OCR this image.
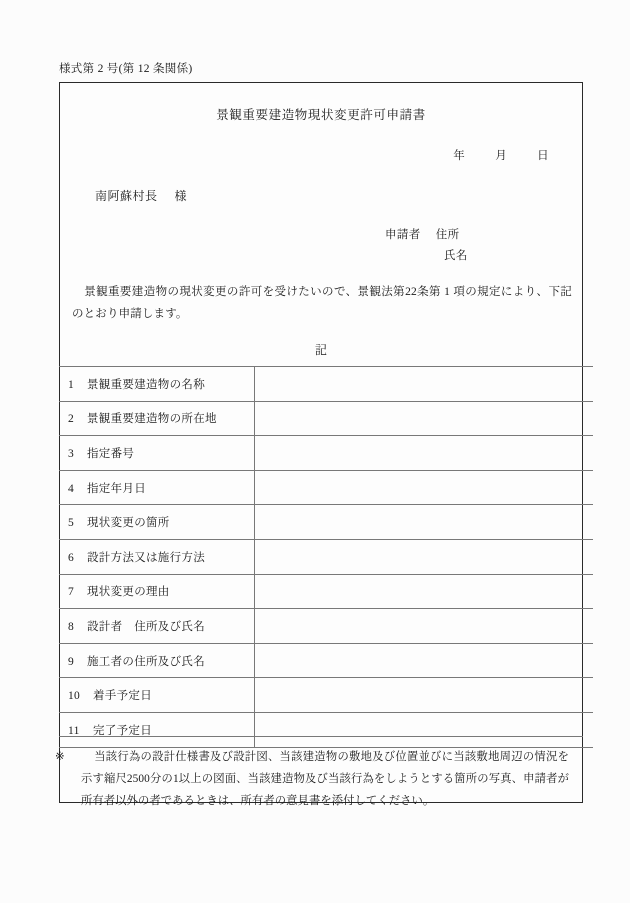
様式第 2 号(第 12 条関係)
景観重要建造物現状変更許可申請書
年	月	日
南阿蘇村長 様
申請者 住所
氏名
景観重要建造物の現状変更の許可を受けたいので、景観法第22条第 1 項の規定により、下記のとおり申請します。
記
1 景観重要建造物の名称	
2 景観重要建造物の所在地	
3 指定番号	
4 指定年月日	
5 現状変更の箇所	
6 設計方法又は施行方法	
7 現状変更の理由	
8 設計者　住所及び氏名	
9 施工者の住所及び氏名	
10 着手予定日	
11 完了予定日	
※	当該行為の設計仕様書及び設計図、当該建造物の敷地及び位置並びに当該敷地周辺の情況を示す縮尺2500分の1以上の図面、当該建造物及び当該行為をしようとする箇所の写真、申請者が所有者以外の者であるときは、所有者の意見書を添付してください。
